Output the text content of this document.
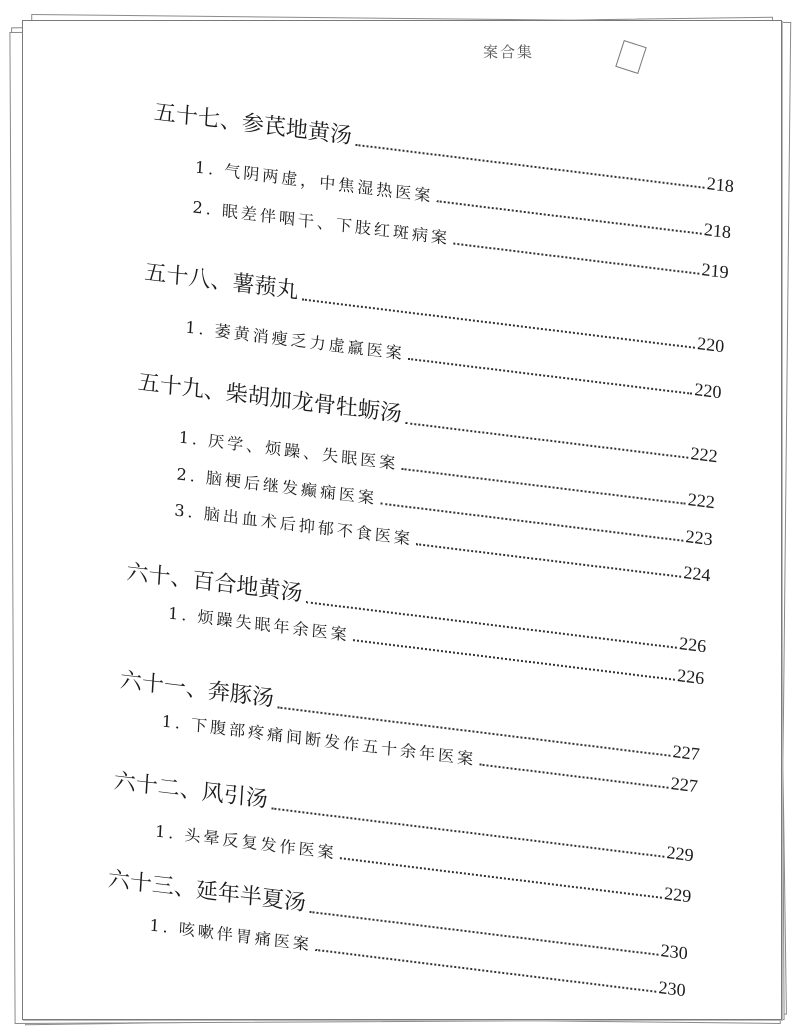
案合集
五十七、参芪地黄汤
218
1. 气阴两虚，中焦湿热医案
218
2. 眠差伴咽干、下肢红斑病案
219
五十八、薯蓣丸
220
1. 萎黄消瘦乏力虚羸医案
220
五十九、柴胡加龙骨牡蛎汤
222
1. 厌学、烦躁、失眠医案
222
2. 脑梗后继发癫痫医案
223
3. 脑出血术后抑郁不食医案
224
六十、百合地黄汤
226
1. 烦躁失眠年余医案
226
六十一、奔豚汤
227
1. 下腹部疼痛间断发作五十余年医案
227
六十二、风引汤
229
1. 头晕反复发作医案
229
六十三、延年半夏汤
230
1. 咳嗽伴胃痛医案
230
